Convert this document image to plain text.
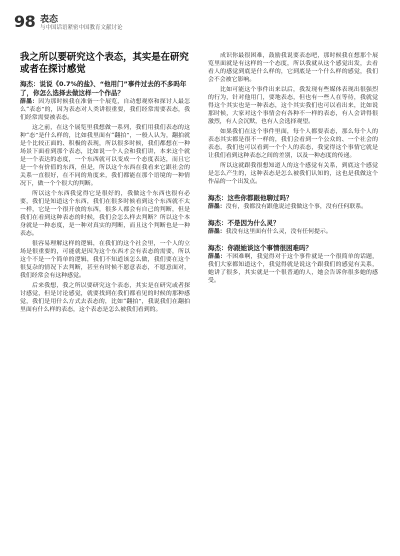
98 表态
与中国话语紧密中国教育文献讨论
我之所以要研究这个表态，其实是在研究或者在探讨感觉
海杰：说说《0.7%的盐》、“他用门”事件过去的不多吗年了，你怎么选择去做这样一个作品？
薛墨：因为那时候我在准备一个展览，自动想观察和探讨人最怎么“表态”的，因为表态对人类讲很重要，我们经常需要表态，我们经常需要被表态。
这之前，在这个展览里我想做一系列，我们用我们表态的这种“态”是什么样的，比如我里面有“翻拍”，一般人认为，翻拍就是个比较正面的、积极的表现，所以很多时候，我们都想在一种场景下面看到那个表态，比如说一个人会和我们讲，本来这个就是一个表达的态度，一个东西就可以变成一个态度表达，而且它是一个有价值的东西，但是，所以这个东西在我看来它跟社会的关系一直很好，在不同的角度来，我们都能在那个语境的一种情况下，做一个个很大的判断。
所以这个东西我觉得它是很好的，我做这个东西也很有必要，我们是知道这个东西，我们在很多时候看到这个东西就不太一样，它是一个很开放的东西，很多人都会有自己的判断，但是我们在看到这种表态的时候，我们会怎么样去判断？所以这个本身就是一种态度，是一种对真实的判断，而且这个判断也是一种表态。
很容易理解这样的逻辑，在我们的这个社会里，一个人的立场是很重要的，可能就是因为这个东西才会有表态的需要，所以这个不是一个简单的逻辑，我们不知道该怎么做，我们要在这个很复杂的情况下去判断，甚至有时候不愿意表态，不愿意面对，我们经常会有这种感觉。
后来我想，我之所以要研究这个表态，其实是在研究或者探讨感觉，但是讨论感觉，就要找到在我们都看见的时候的那种感觉，我们是用什么方式去表态的，比如“翻拍”，我说我们在翻拍里面有什么样的表态，这个表态是怎么被我们看到的。
成识你最很困难，鼓励我说要表态吧，那时候我在想那个展览里面就是有这样的一个态度，所以我就从这个感觉出发，去看看人的感觉到底是什么样的，它到底是一个什么样的感觉，我们会不会被它影响。
比如可能这个事件出来以后，我发现有些媒体表现出很强烈的行为，针对他用门，要地表态，但也有一些人在等待，我就觉得这个其实也是一种表态，这个其实我们也可以看出来，比如说那时候，大家对这个事情会有各种不一样的表态，有人会讲得很激烈，有人会沉默，也有人会选择观望。
如果我们在这个事件里面，每个人都要表态，那么每个人的表态其实都是很不一样的，我们会看到一个公众的、一个社会的表态，我们也可以看到一个个人的表态，我觉得这个事情它就是让我们看到这种表态之间的差别，以及一种态度的传递。
所以这就跟我很想知道人的这个感觉有关系，到底这个感觉是怎么产生的，这种表态是怎么被我们认知的，这也是我做这个作品的一个出发点。
海杰：这些你都跟他聊过吗？
薛墨：没有，我都没有跟他说过我做这个事，没有任何联系。
海杰：不是因为什么灵？
薛墨：我没有这里面有什么灵，没有任何提示。
海杰：你跟她谈这个事情很困难吗？
薛墨：不困难啊，我觉得对于这个事件就是一个很简单的话题，我们大家都知道这个，我觉得就是说这个跟我们的感觉有关系，她讲了很多，其实就是一个很普通的人，她会告诉你很多她的感受。
